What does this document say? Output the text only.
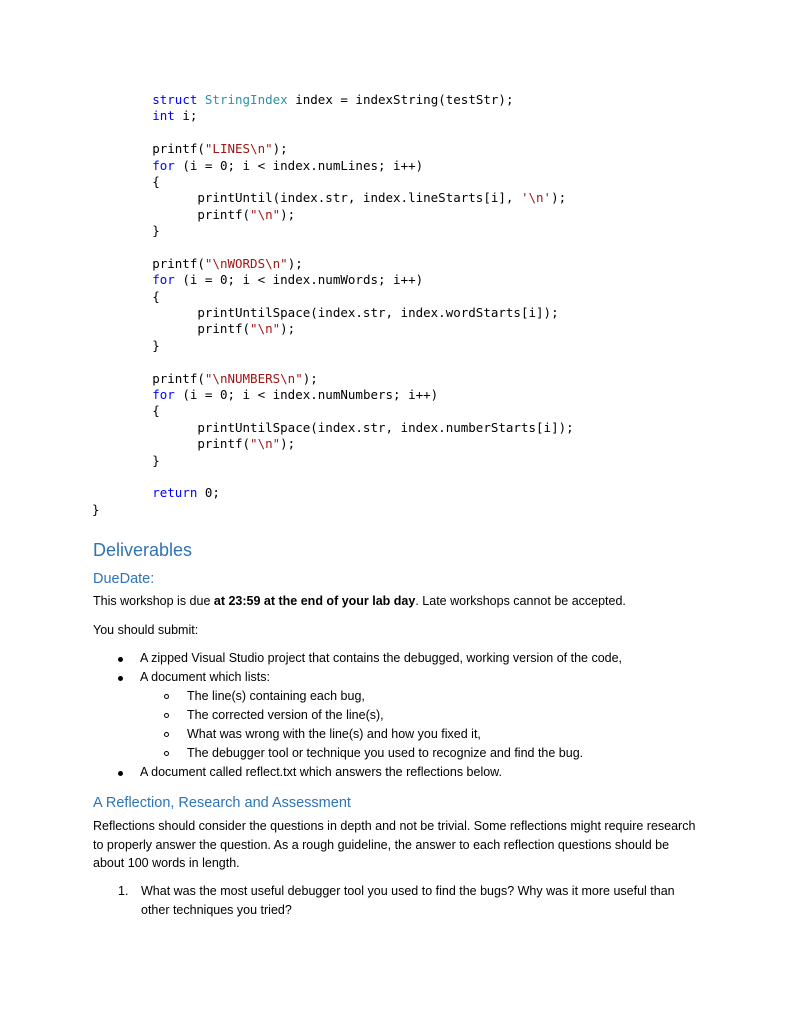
struct StringIndex index = indexString(testStr);
int i;
printf("LINES\n");
for (i = 0; i < index.numLines; i++)
{
printUntil(index.str, index.lineStarts[i], '\n');
printf("\n");
}
printf("\nWORDS\n");
for (i = 0; i < index.numWords; i++)
{
printUntilSpace(index.str, index.wordStarts[i]);
printf("\n");
}
printf("\nNUMBERS\n");
for (i = 0; i < index.numNumbers; i++)
{
printUntilSpace(index.str, index.numberStarts[i]);
printf("\n");
}
return 0;
}
Deliverables
DueDate:
This workshop is due at 23:59 at the end of your lab day. Late workshops cannot be accepted.
You should submit:
A zipped Visual Studio project that contains the debugged, working version of the code,
A document which lists:
The line(s) containing each bug,
The corrected version of the line(s),
What was wrong with the line(s) and how you fixed it,
The debugger tool or technique you used to recognize and find the bug.
A document called reflect.txt which answers the reflections below.
A Reflection, Research and Assessment
Reflections should consider the questions in depth and not be trivial. Some reflections might require research to properly answer the question. As a rough guideline, the answer to each reflection questions should be about 100 words in length.
1. What was the most useful debugger tool you used to find the bugs? Why was it more useful than other techniques you tried?
